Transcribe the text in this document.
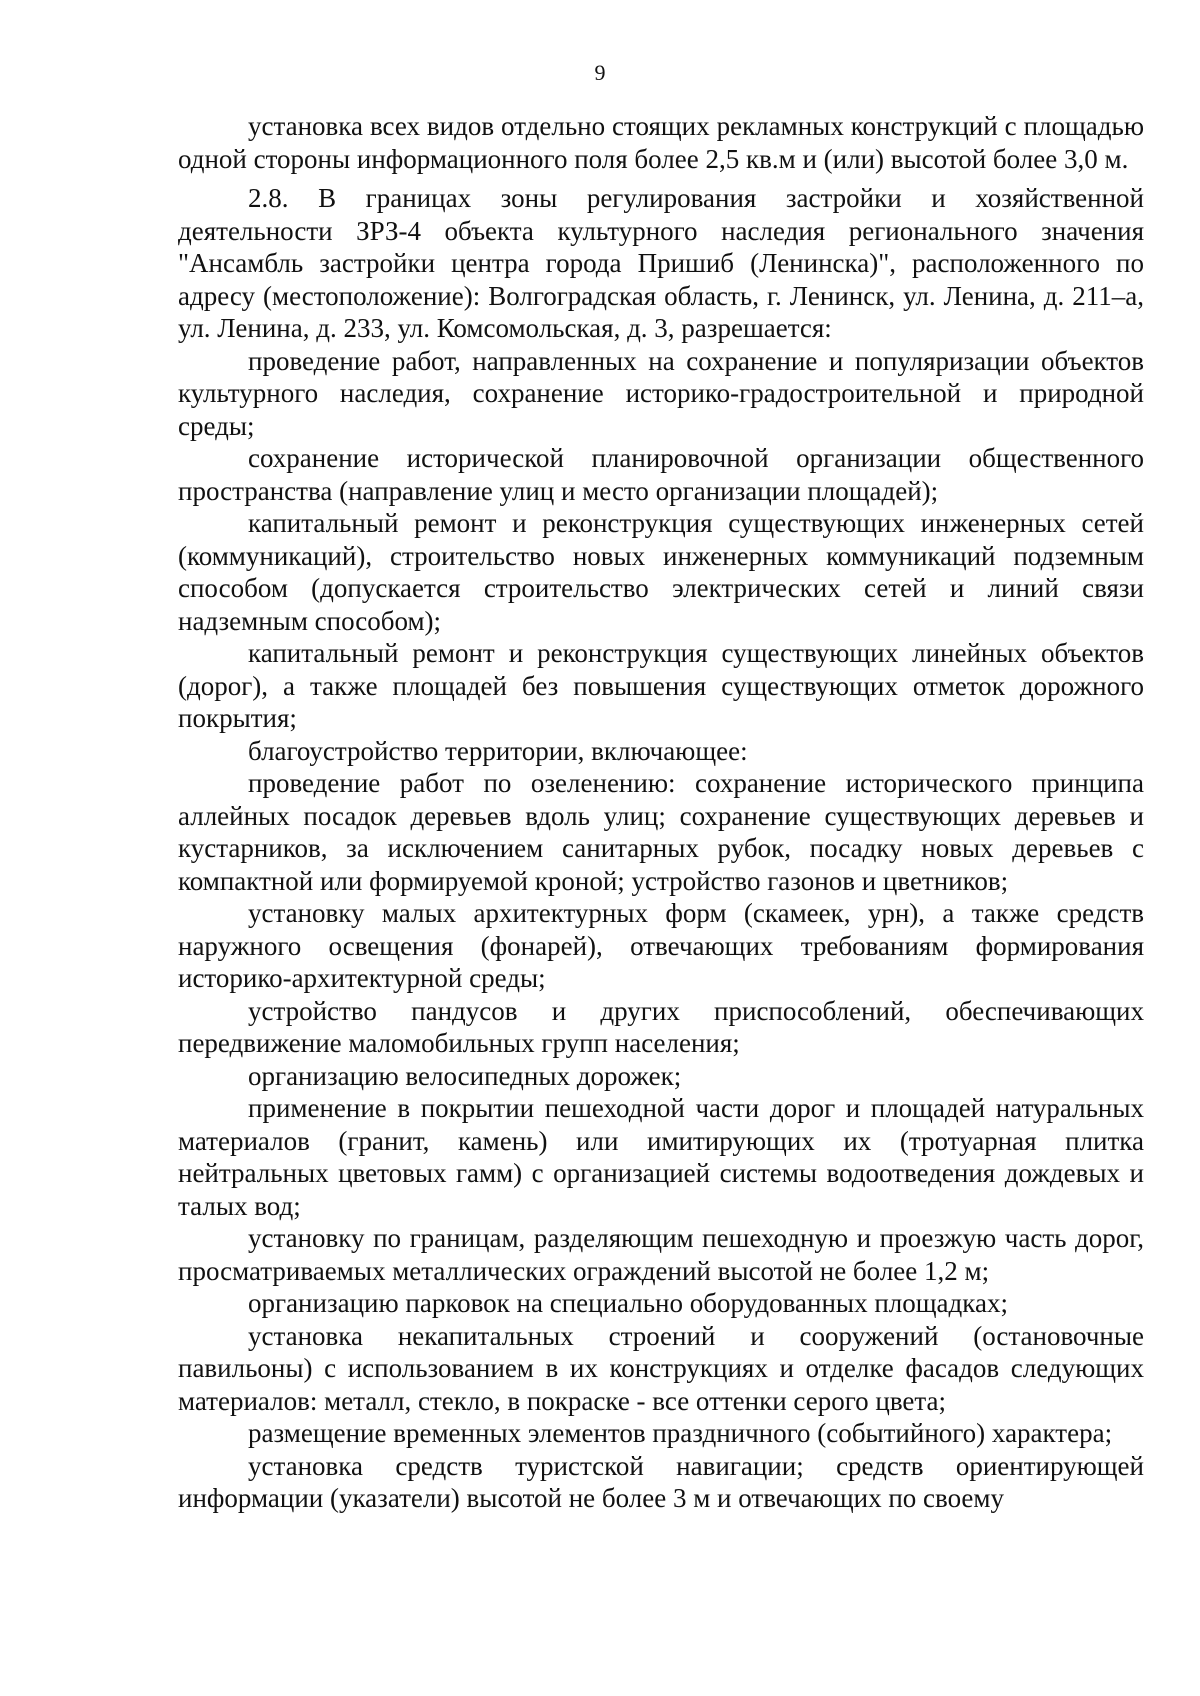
9

установка всех видов отдельно стоящих рекламных конструкций с площадью одной стороны информационного поля более 2,5 кв.м и (или) высотой более 3,0 м.

2.8. В границах зоны регулирования застройки и хозяйственной деятельности ЗРЗ-4 объекта культурного наследия регионального значения "Ансамбль застройки центра города Пришиб (Ленинска)", расположенного по адресу (местоположение): Волгоградская область, г. Ленинск, ул. Ленина, д. 211–а, ул. Ленина, д. 233, ул. Комсомольская, д. 3, разрешается:

проведение работ, направленных на сохранение и популяризации объектов культурного наследия, сохранение историко-градостроительной и природной среды;

сохранение исторической планировочной организации общественного пространства (направление улиц и место организации площадей);

капитальный ремонт и реконструкция существующих инженерных сетей (коммуникаций), строительство новых инженерных коммуникаций подземным способом (допускается строительство электрических сетей и линий связи надземным способом);

капитальный ремонт и реконструкция существующих линейных объектов (дорог), а также площадей без повышения существующих отметок дорожного покрытия;

благоустройство территории, включающее:

проведение работ по озеленению: сохранение исторического принципа аллейных посадок деревьев вдоль улиц; сохранение существующих деревьев и кустарников, за исключением санитарных рубок, посадку новых деревьев с компактной или формируемой кроной; устройство газонов и цветников;

установку малых архитектурных форм (скамеек, урн), а также средств наружного освещения (фонарей), отвечающих требованиям формирования историко-архитектурной среды;

устройство пандусов и других приспособлений, обеспечивающих передвижение маломобильных групп населения;

организацию велосипедных дорожек;

применение в покрытии пешеходной части дорог и площадей натуральных материалов (гранит, камень) или имитирующих их (тротуарная плитка нейтральных цветовых гамм) с организацией системы водоотведения дождевых и талых вод;

установку по границам, разделяющим пешеходную и проезжую часть дорог, просматриваемых металлических ограждений высотой не более 1,2 м;

организацию парковок на специально оборудованных площадках;

установка некапитальных строений и сооружений (остановочные павильоны) с использованием в их конструкциях и отделке фасадов следующих материалов: металл, стекло, в покраске - все оттенки серого цвета;

размещение временных элементов праздничного (событийного) характера;

установка средств туристской навигации; средств ориентирующей информации (указатели) высотой не более 3 м и отвечающих по своему
